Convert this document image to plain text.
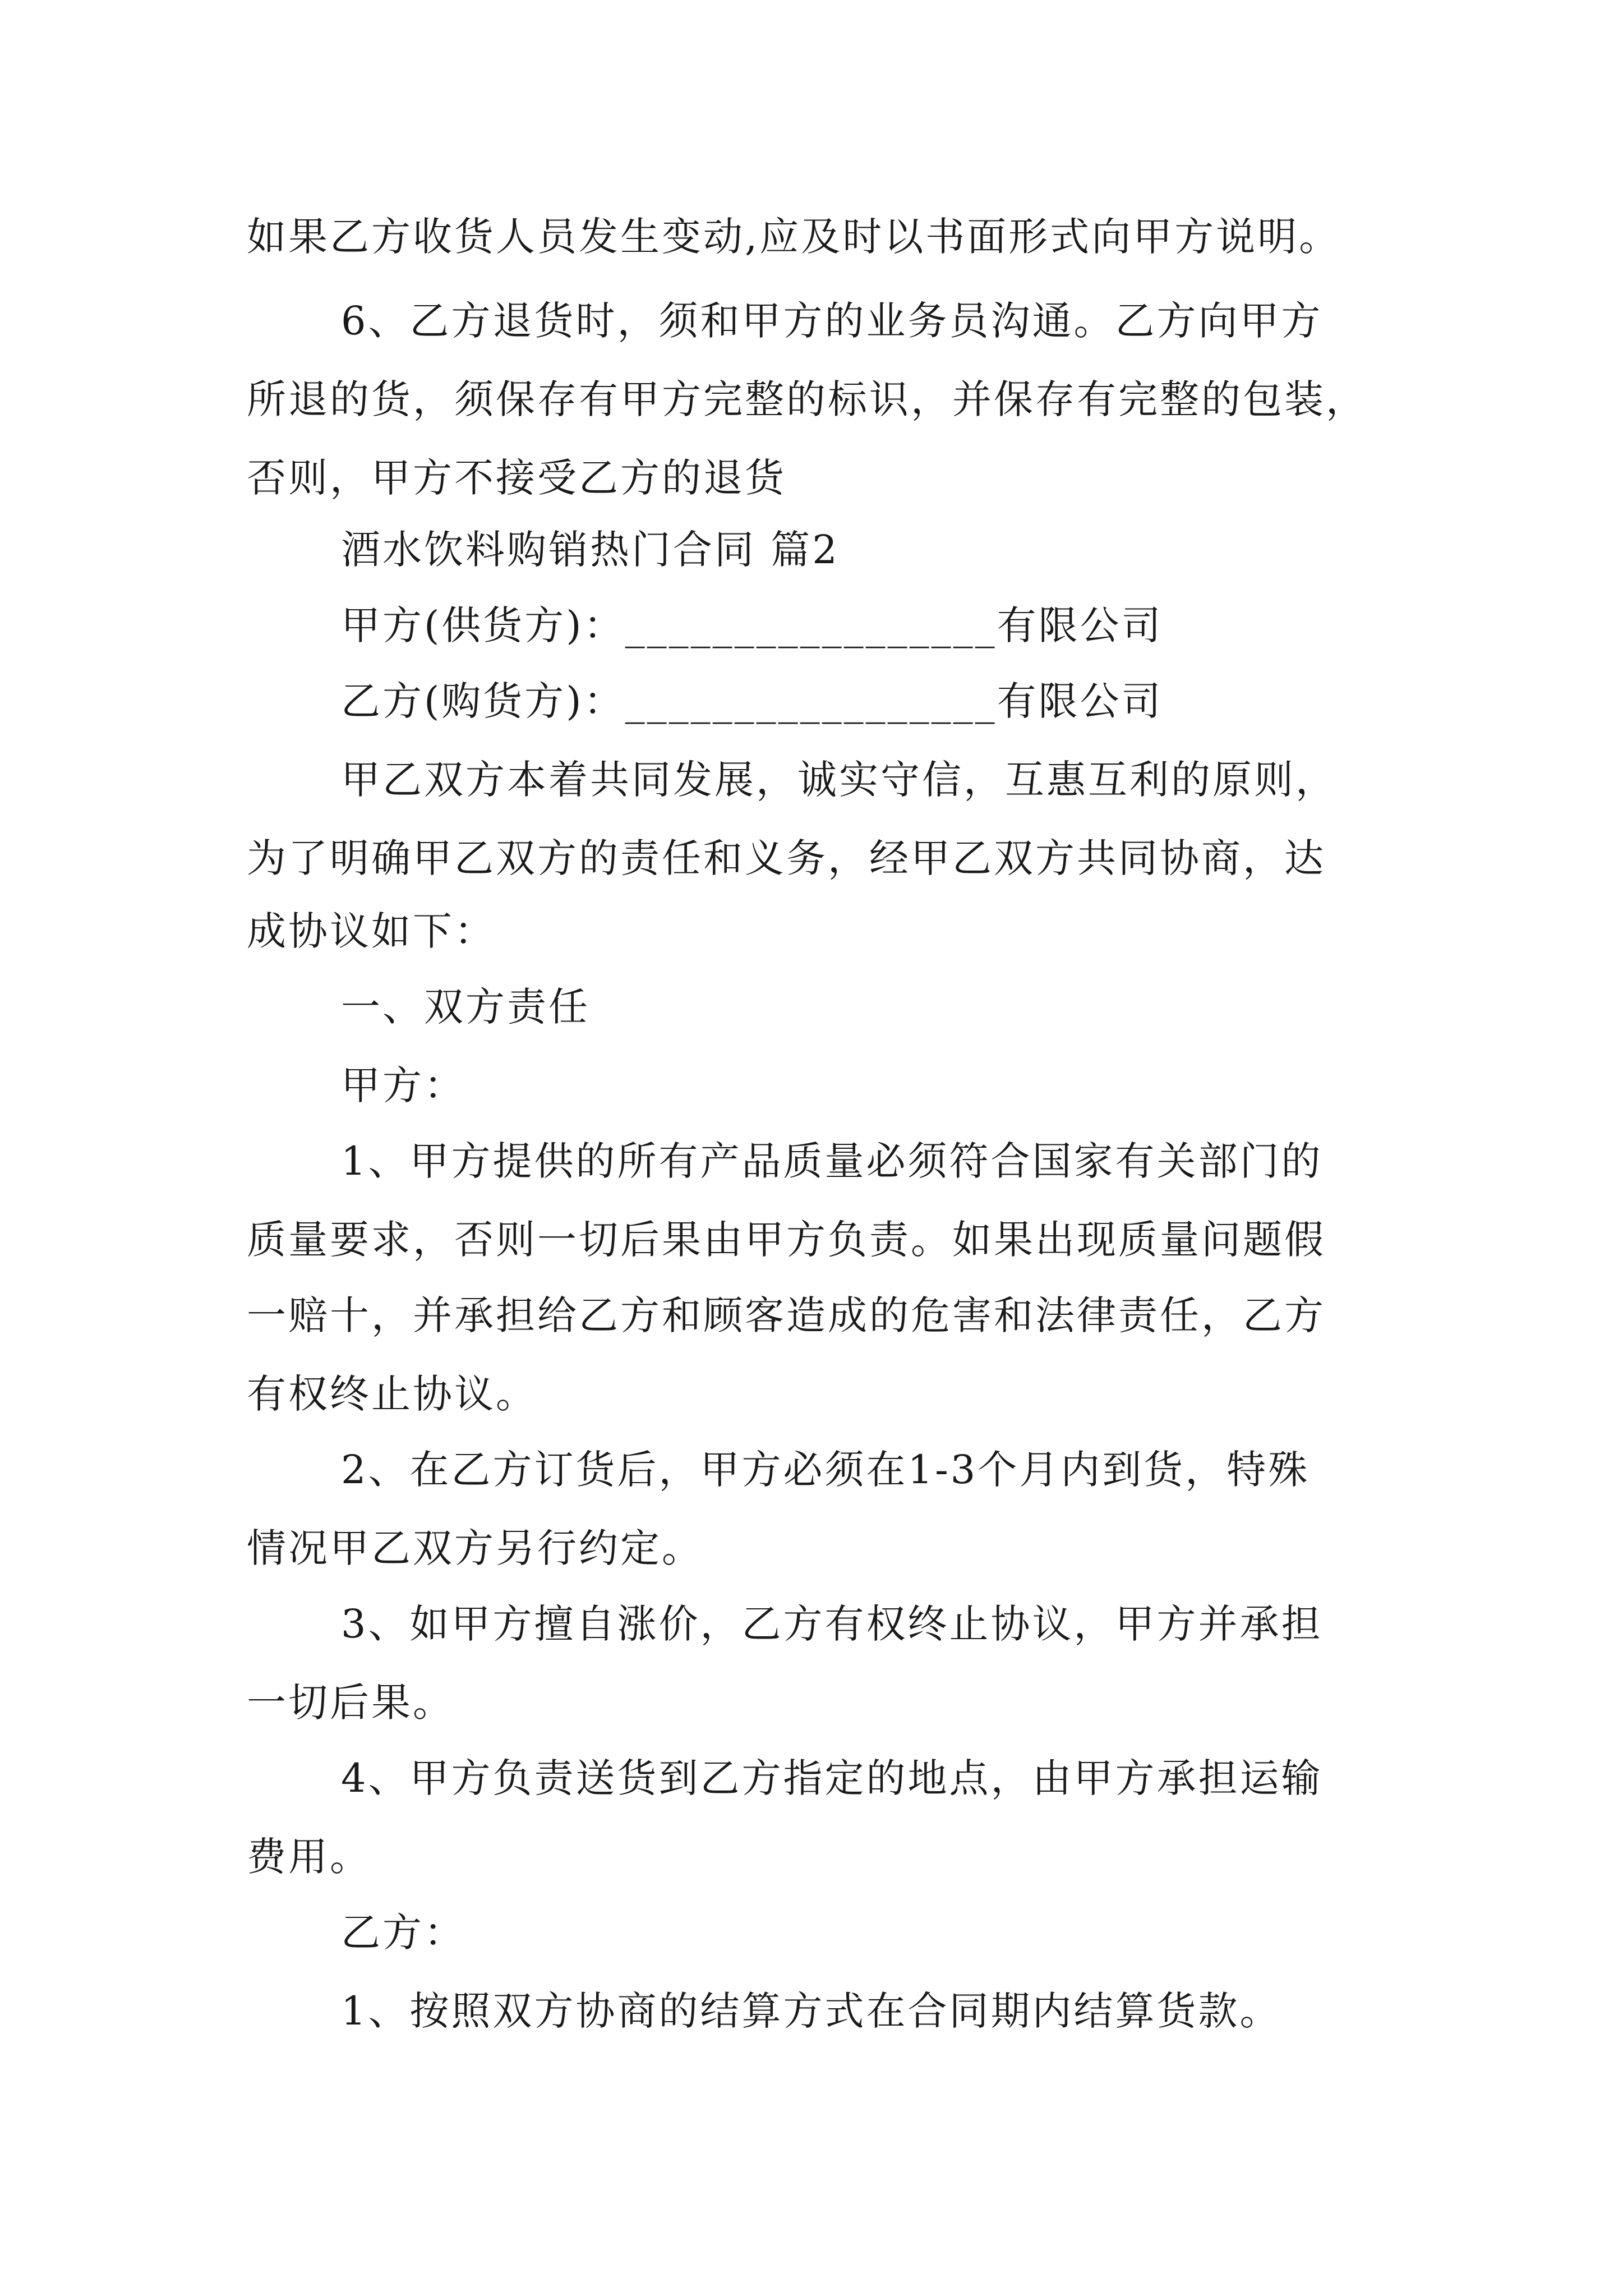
如果乙方收货人员发生变动,应及时以书面形式向甲方说明。
6、乙方退货时，须和甲方的业务员沟通。乙方向甲方
所退的货，须保存有甲方完整的标识，并保存有完整的包装，
否则，甲方不接受乙方的退货
酒水饮料购销热门合同 篇2
甲方(供货方)：_________________有限公司
乙方(购货方)：_________________有限公司
甲乙双方本着共同发展，诚实守信，互惠互利的原则，
为了明确甲乙双方的责任和义务，经甲乙双方共同协商，达
成协议如下：
一、双方责任
甲方：
1、甲方提供的所有产品质量必须符合国家有关部门的
质量要求，否则一切后果由甲方负责。如果出现质量问题假
一赔十，并承担给乙方和顾客造成的危害和法律责任，乙方
有权终止协议。
2、在乙方订货后，甲方必须在1-3个月内到货，特殊
情况甲乙双方另行约定。
3、如甲方擅自涨价，乙方有权终止协议，甲方并承担
一切后果。
4、甲方负责送货到乙方指定的地点，由甲方承担运输
费用。
乙方：
1、按照双方协商的结算方式在合同期内结算货款。
